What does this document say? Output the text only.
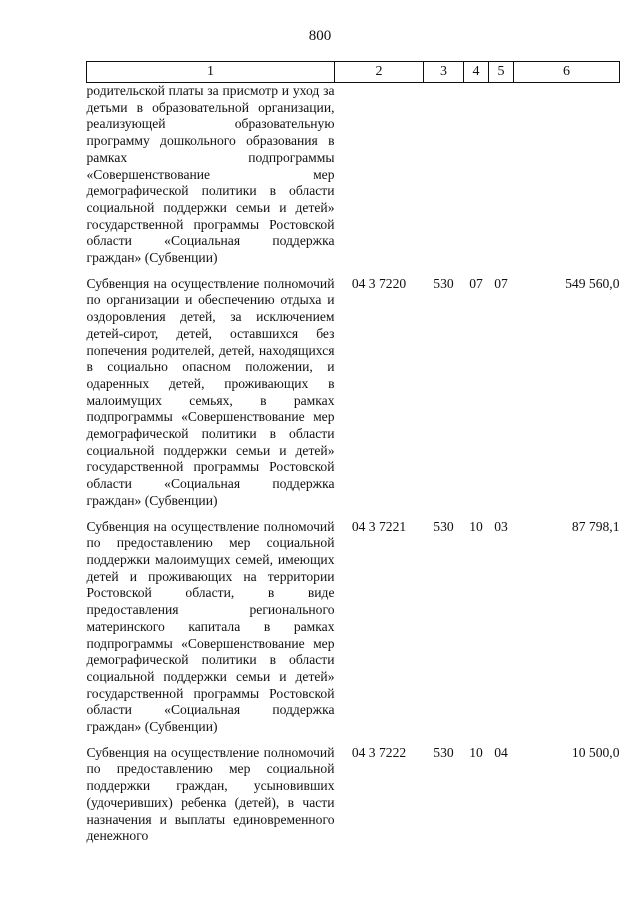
800
1	2	3	4	5	6
родительской платы за присмотр и уход за детьми в образовательной организации, реализующей образовательную программу дошкольного образования в рамках подпрограммы «Совершенствование мер демографической политики в области социальной поддержки семьи и детей» государственной программы Ростовской области «Социальная поддержка граждан» (Субвенции)					

Субвенция на осуществление полномочий по организации и обеспечению отдыха и оздоровления детей, за исключением детей-сирот, детей, оставшихся без попечения родителей, детей, находящихся в социально опасном положении, и одаренных детей, проживающих в малоимущих семьях, в рамках подпрограммы «Совершенствование мер демографической политики в области социальной поддержки семьи и детей» государственной программы Ростовской области «Социальная поддержка граждан» (Субвенции)	04 3 7220	530	07	07	549 560,0

Субвенция на осуществление полномочий по предоставлению мер социальной поддержки малоимущих семей, имеющих детей и проживающих на территории Ростовской области, в виде предоставления регионального материнского капитала в рамках подпрограммы «Совершенствование мер демографической политики в области социальной поддержки семьи и детей» государственной программы Ростовской области «Социальная поддержка граждан» (Субвенции)	04 3 7221	530	10	03	87 798,1

Субвенция на осуществление полномочий по предоставлению мер социальной поддержки граждан, усыновивших (удочеривших) ребенка (детей), в части назначения и выплаты единовременного денежного	04 3 7222	530	10	04	10 500,0
